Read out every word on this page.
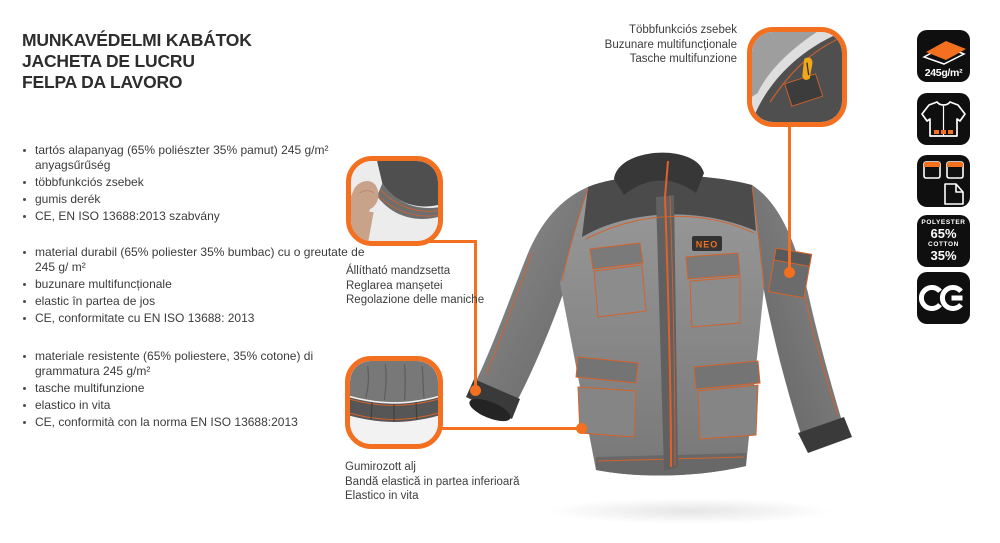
MUNKAVÉDELMI KABÁTOK
JACHETA DE LUCRU
FELPA DA LAVORO
tartós alapanyag (65% poliészter 35% pamut) 245 g/m² anyagsűrűség
többfunkciós zsebek
gumis derék
CE, EN ISO 13688:2013 szabvány
material durabil (65% poliester 35% bumbac) cu o greutate de 245 g/ m²
buzunare multifuncționale
elastic în partea de jos
CE, conformitate cu EN ISO 13688: 2013
materiale resistente (65% poliestere, 35% cotone) di grammatura 245 g/m²
tasche multifunzione
elastico in vita
CE, conformità con la norma EN ISO 13688:2013
NEO
Többfunkciós zsebek
Buzunare multifuncționale
Tasche multifunzione
Állítható mandzsetta
Reglarea manșetei
Regolazione delle maniche
Gumirozott alj
Bandă elastică in partea inferioară
Elastico in vita
245g/m²
POLYESTER
65%
COTTON
35%
